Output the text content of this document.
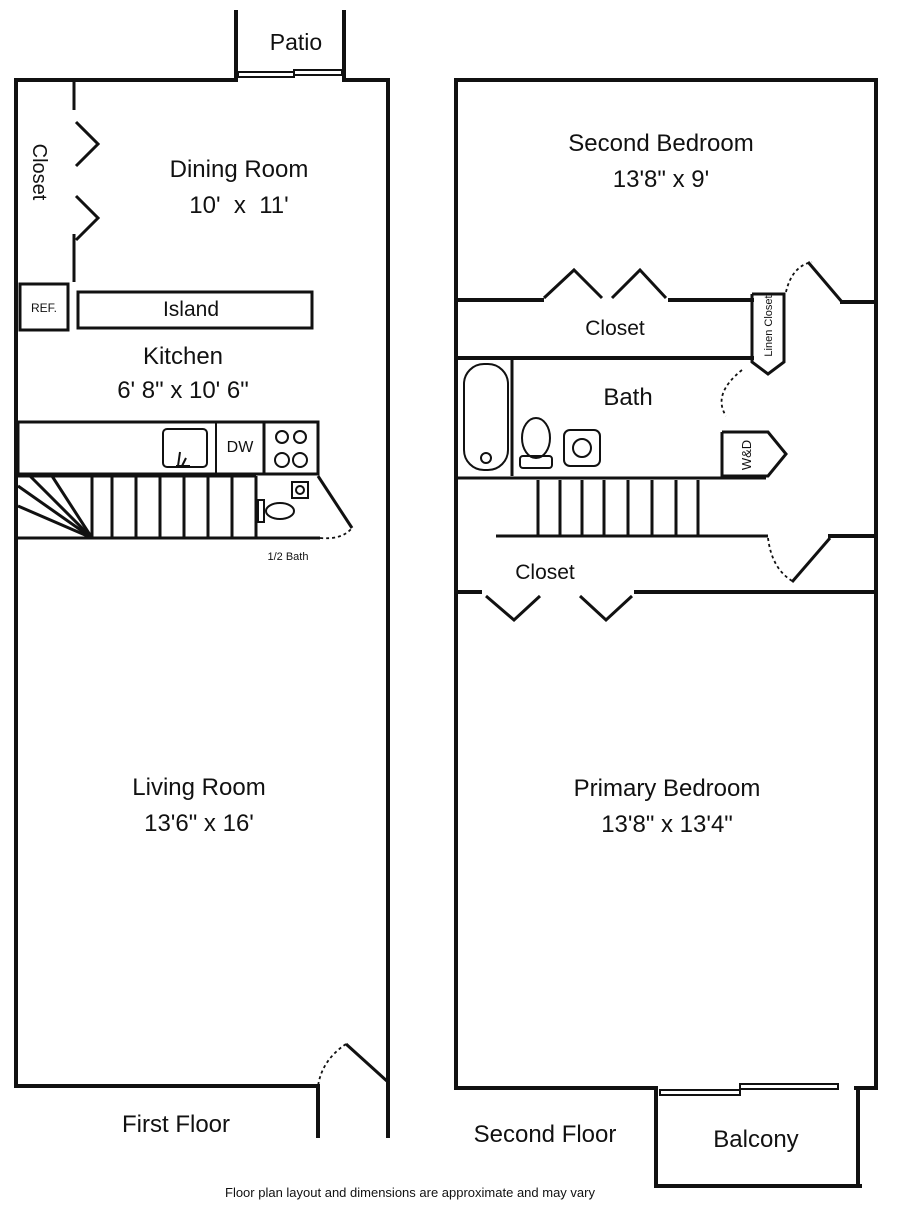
Patio
Closet	Dining Room
10'  x  11'
REF.	Island
Kitchen
6' 8" x 10' 6"
DW
1/2 Bath
Living Room
13'6" x 16'
First Floor
Second Bedroom
13'8" x 9'
Closet	Linen Closet
Bath
W&D
Closet
Primary Bedroom
13'8" x 13'4"
Balcony
Second Floor
Floor plan layout and dimensions are approximate and may vary
